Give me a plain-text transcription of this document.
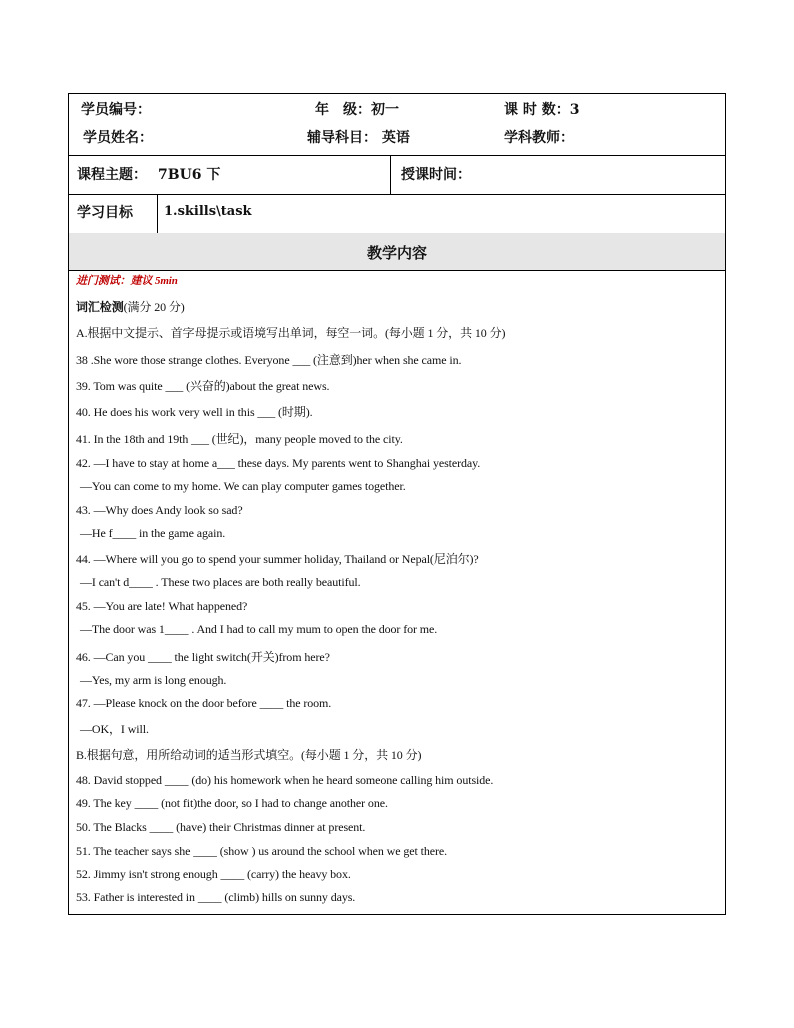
学员编号：	年　级：初一	课 时 数：3
学员姓名：	辅导科目： 英语	学科教师：
课程主题： 7BU6 下	授课时间：
学习目标 1.skills\task
教学内容
进门测试：建议 5min
词汇检测(满分 20 分)
A.根据中文提示、首字母提示或语境写出单词，每空一词。(每小题 1 分，共 10 分)
38 .She wore those strange clothes. Everyone ___ (注意到)her when she came in.
39. Tom was quite ___ (兴奋的)about the great news.
40. He does his work very well in this ___ (时期).
41. In the 18th and 19th ___ (世纪)，many people moved to the city.
42. —I have to stay at home a___ these days. My parents went to Shanghai yesterday.
—You can come to my home. We can play computer games together.
43. —Why does Andy look so sad?
—He f____ in the game again.
44. —Where will you go to spend your summer holiday, Thailand or Nepal(尼泊尔)?
—I can't d____ . These two places are both really beautiful.
45. —You are late! What happened?
—The door was 1____ . And I had to call my mum to open the door for me.
46. —Can you ____ the light switch(开关)from here?
—Yes, my arm is long enough.
47. —Please knock on the door before ____ the room.
—OK，I will.
B.根据句意，用所给动词的适当形式填空。(每小题 1 分，共 10 分)
48. David stopped ____ (do) his homework when he heard someone calling him outside.
49. The key ____ (not fit)the door, so I had to change another one.
50. The Blacks ____ (have) their Christmas dinner at present.
51. The teacher says she ____ (show ) us around the school when we get there.
52. Jimmy isn't strong enough ____ (carry) the heavy box.
53. Father is interested in ____ (climb) hills on sunny days.
